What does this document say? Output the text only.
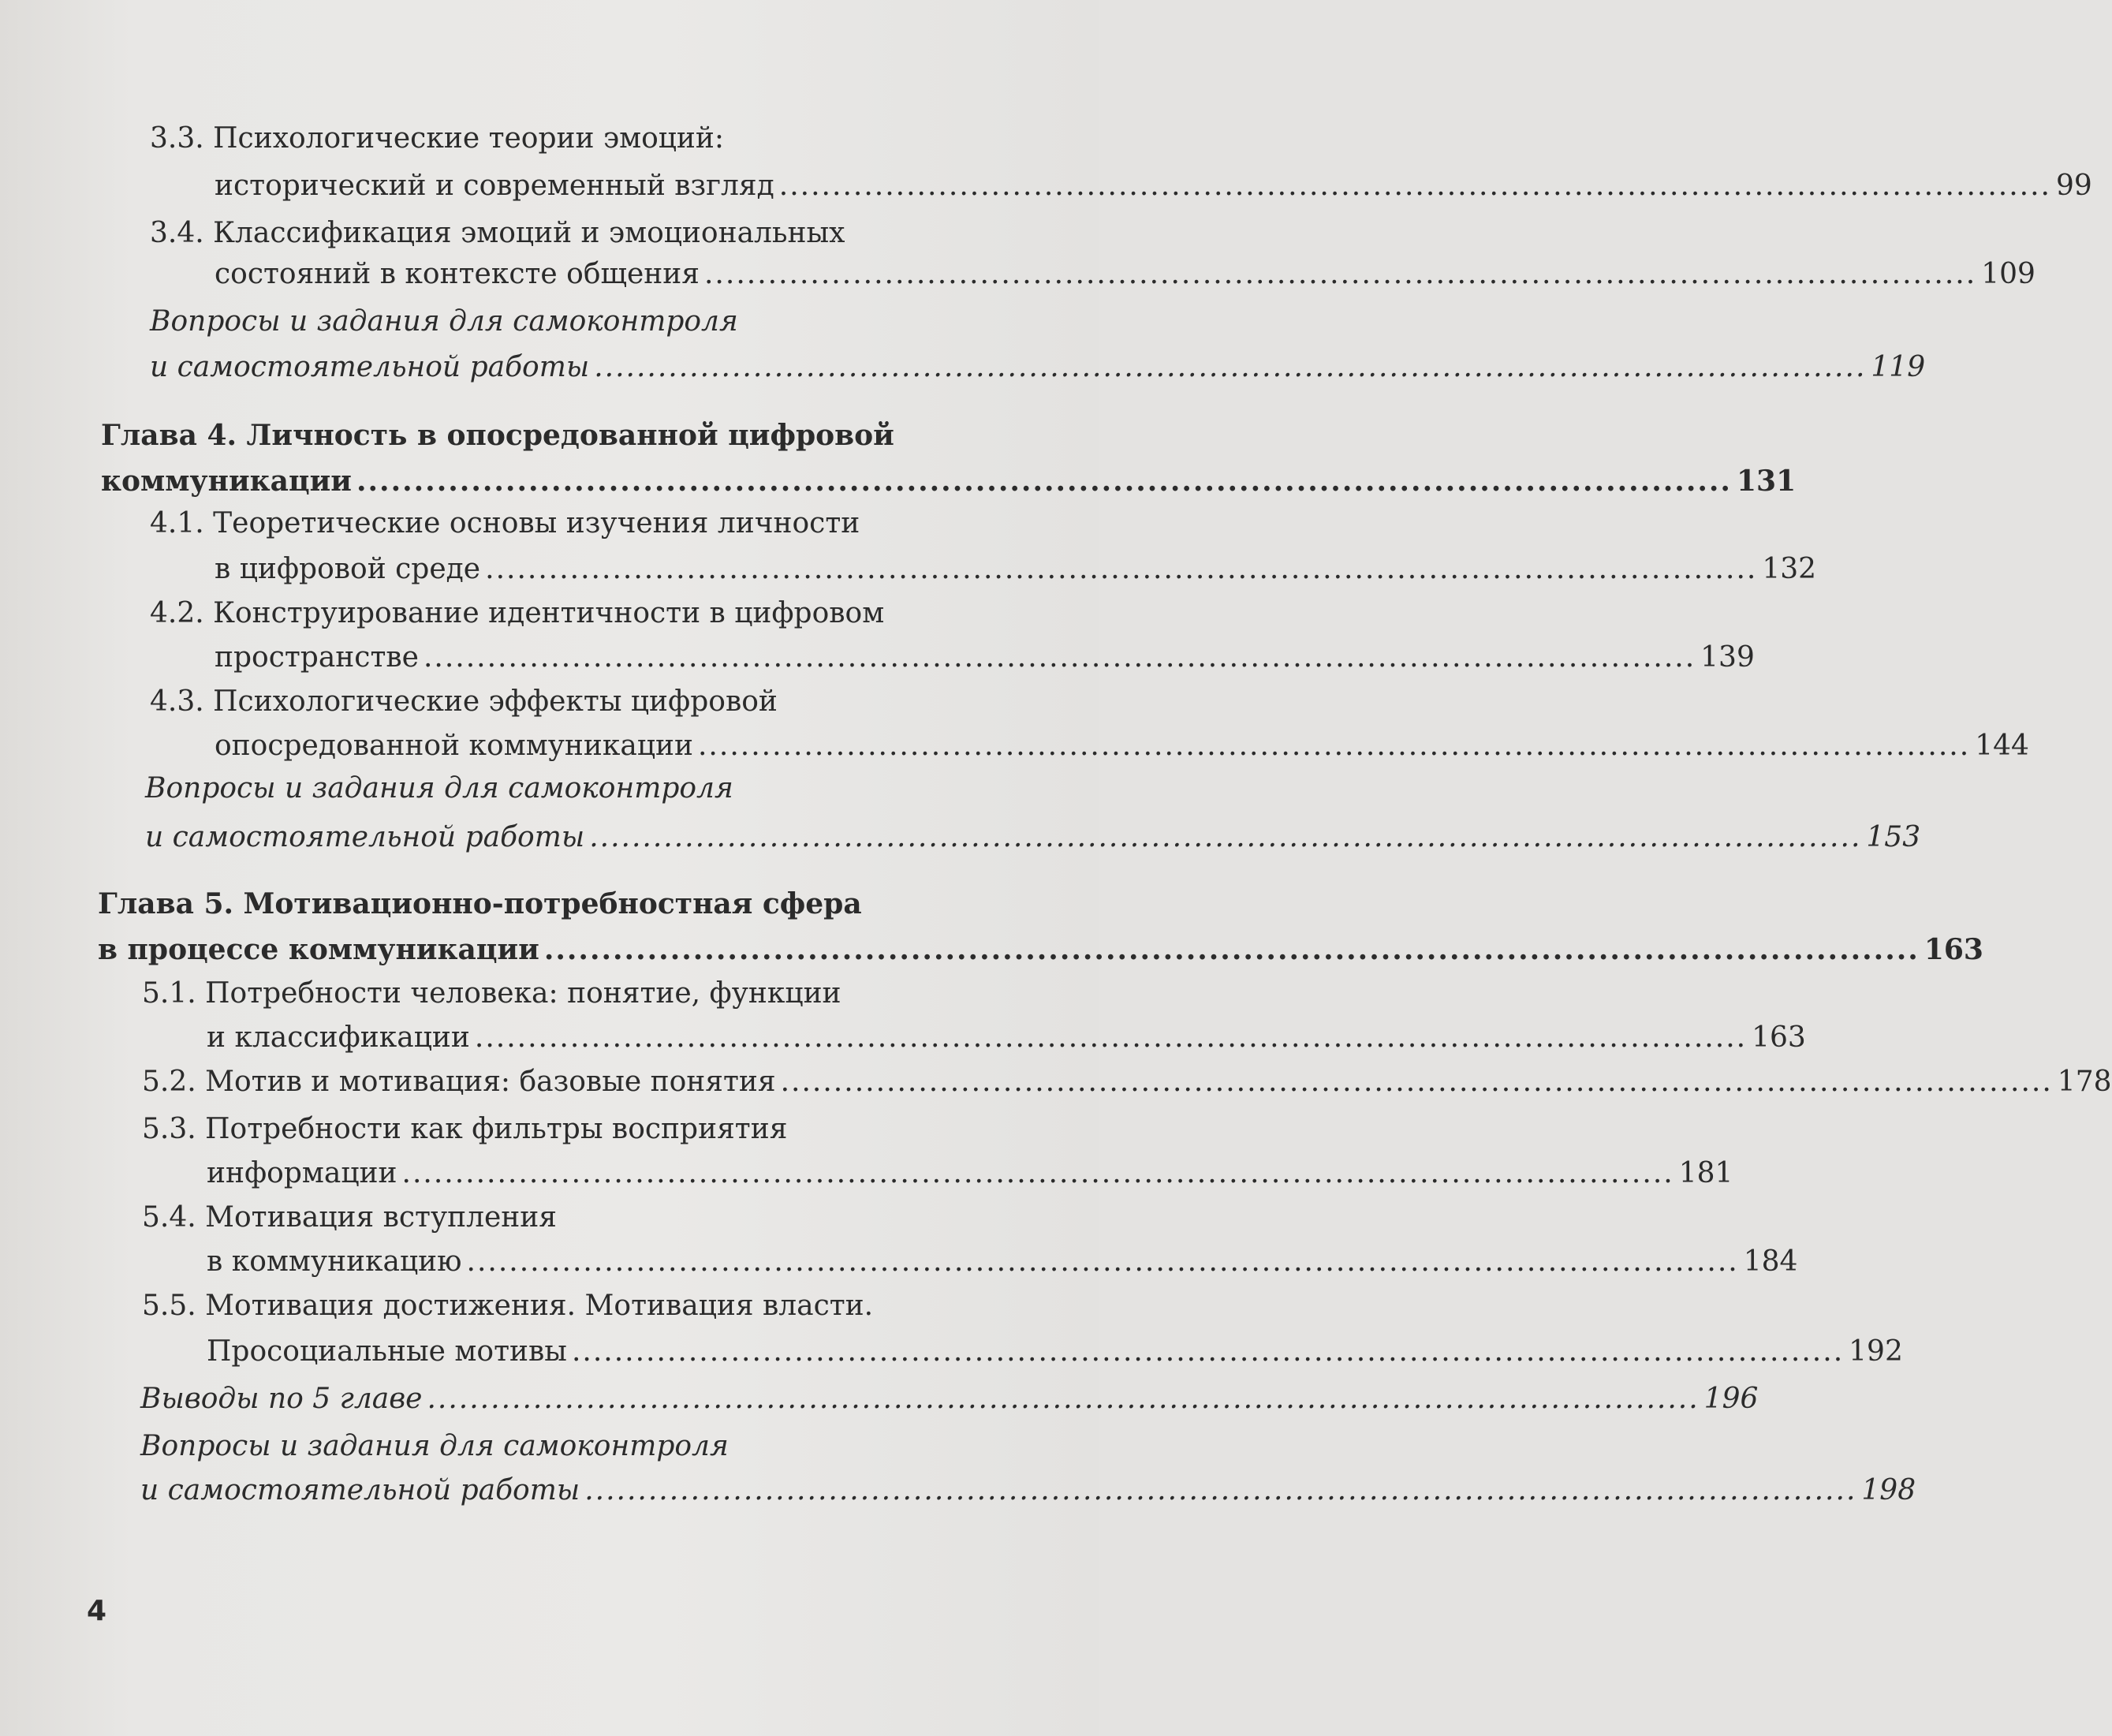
3.3. Психологические теории эмоций:
исторический и современный взгляд ........................................................................................................................ 99
3.4. Классификация эмоций и эмоциональных
состояний в контексте общения ........................................................................................................................ 109
Вопросы и задания для самоконтроля
и самостоятельной работы ........................................................................................................................ 119
Глава 4. Личность в опосредованной цифровой
коммуникации ........................................................................................................................ 131
4.1. Теоретические основы изучения личности
в цифровой среде ........................................................................................................................ 132
4.2. Конструирование идентичности в цифровом
пространстве ........................................................................................................................ 139
4.3. Психологические эффекты цифровой
опосредованной коммуникации ........................................................................................................................ 144
Вопросы и задания для самоконтроля
и самостоятельной работы ........................................................................................................................ 153
Глава 5. Мотивационно-потребностная сфера
в процессе коммуникации ........................................................................................................................ 163
5.1. Потребности человека: понятие, функции
и классификации ........................................................................................................................ 163
5.2. Мотив и мотивация: базовые понятия ........................................................................................................................ 178
5.3. Потребности как фильтры восприятия
информации ........................................................................................................................ 181
5.4. Мотивация вступления
в коммуникацию ........................................................................................................................ 184
5.5. Мотивация достижения. Мотивация власти.
Просоциальные мотивы ........................................................................................................................ 192
Выводы по 5 главе ........................................................................................................................ 196
Вопросы и задания для самоконтроля
и самостоятельной работы ........................................................................................................................ 198
4
